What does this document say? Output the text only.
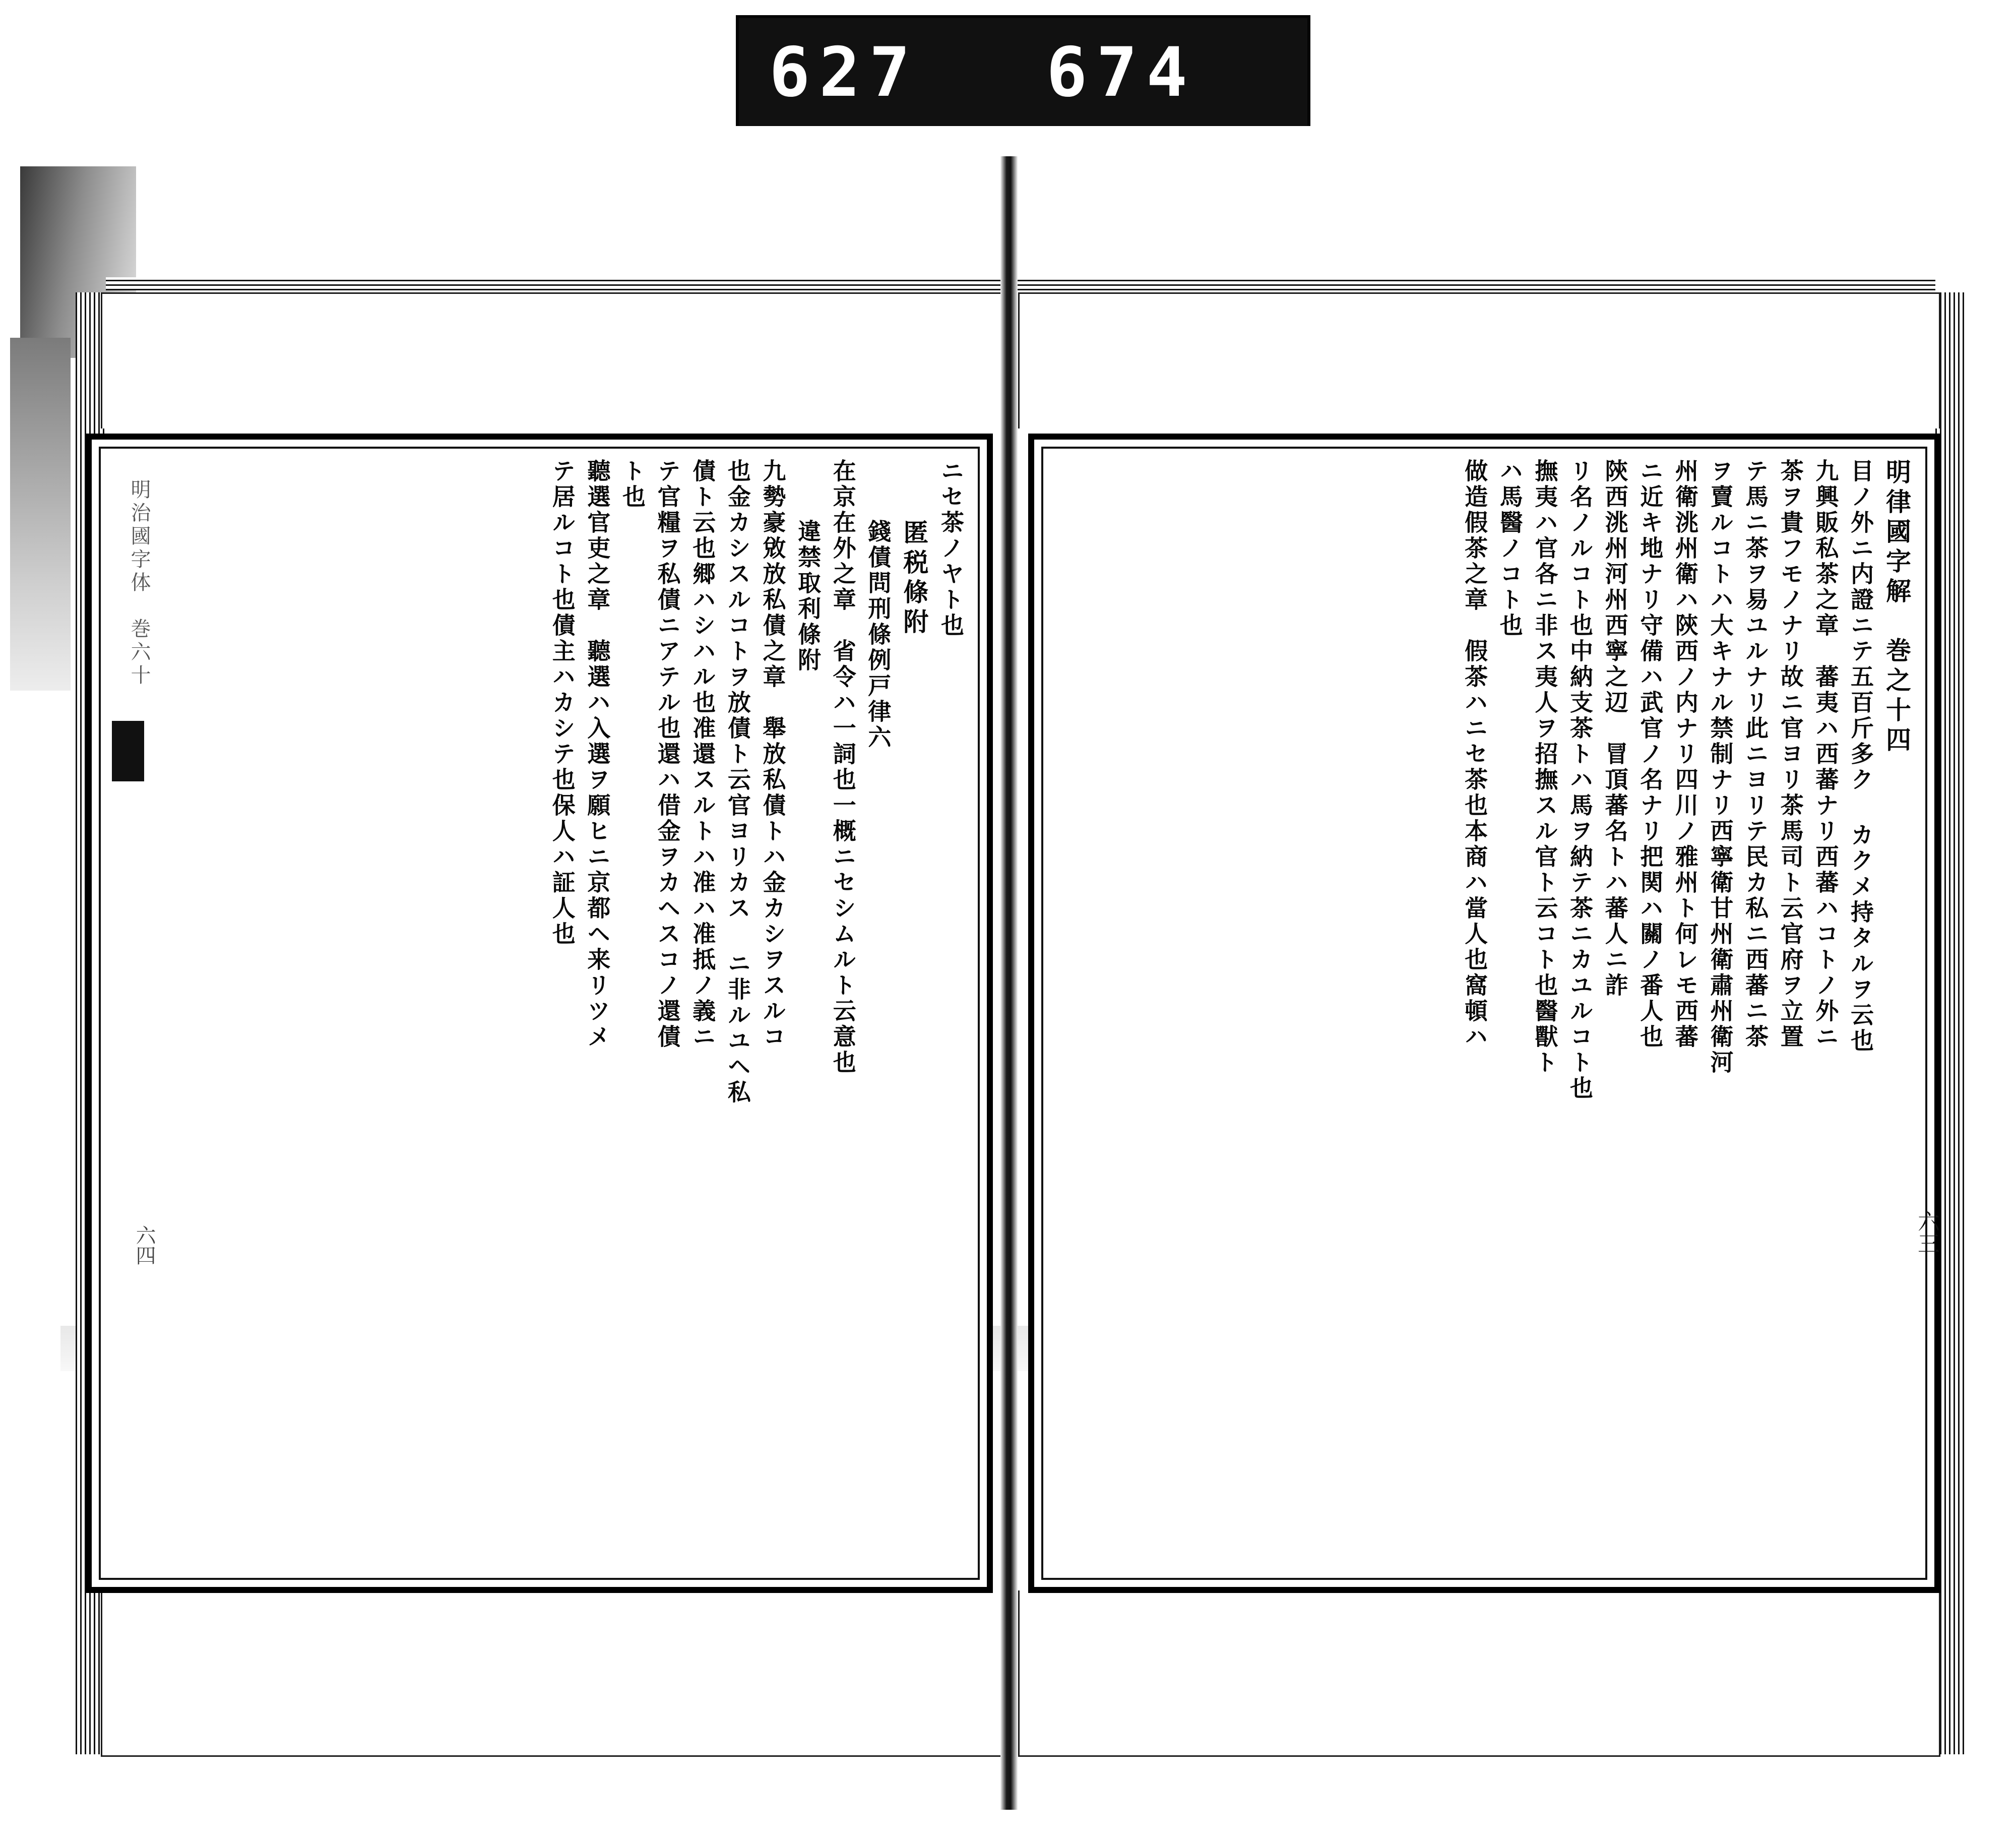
627 674
明治國字体　巻六十	明律國字解　巻之十四
目ノ外ニ内證ニテ五百斤多ク カクメ持タルヲ云也
九興販私茶之章　蕃夷ハ西蕃ナリ西蕃ハコトノ外ニ
茶ヲ貴フモノナリ故ニ官ヨリ茶馬司ト云官府ヲ立置
テ馬ニ茶ヲ易ユルナリ此ニヨリテ民カ私ニ西蕃ニ茶
ヲ賣ルコトハ大キナル禁制ナリ西寧衛甘州衛肅州衛河
州衛洮州衛ハ陝西ノ内ナリ四川ノ雅州ト何レモ西蕃
ニ近キ地ナリ守備ハ武官ノ名ナリ把関ハ關ノ番人也
陝西洮州河州西寧之辺　冒頂蕃名トハ蕃人ニ詐
リ名ノルコト也中納支茶トハ馬ヲ納テ茶ニカユルコト也
撫夷ハ官各ニ非ス夷人ヲ招撫スル官ト云コト也醫獸ト
ハ馬醫ノコト也
做造假茶之章　假茶ハニセ茶也本商ハ當人也窩頓ハ
ニセ茶ノヤト也
匿税條附
錢債問刑條例戸律六
在京在外之章　省令ハ一詞也一概ニセシムルト云意也
違禁取利條附
九勢豪敓放私債之章　舉放私債トハ金カシヲスルコ
也金カシスルコトヲ放債ト云官ヨリカス ニ非ルユヘ私
債ト云也郷ハシハル也准還スルトハ准ハ准抵ノ義ニ
テ官糧ヲ私債ニアテル也還ハ借金ヲカヘスコノ還債
ト也
聽選官吏之章　聽選ハ入選ヲ願ヒニ京都ヘ来リツメ
テ居ルコト也債主ハカシテ也保人ハ証人也
六三
六四
